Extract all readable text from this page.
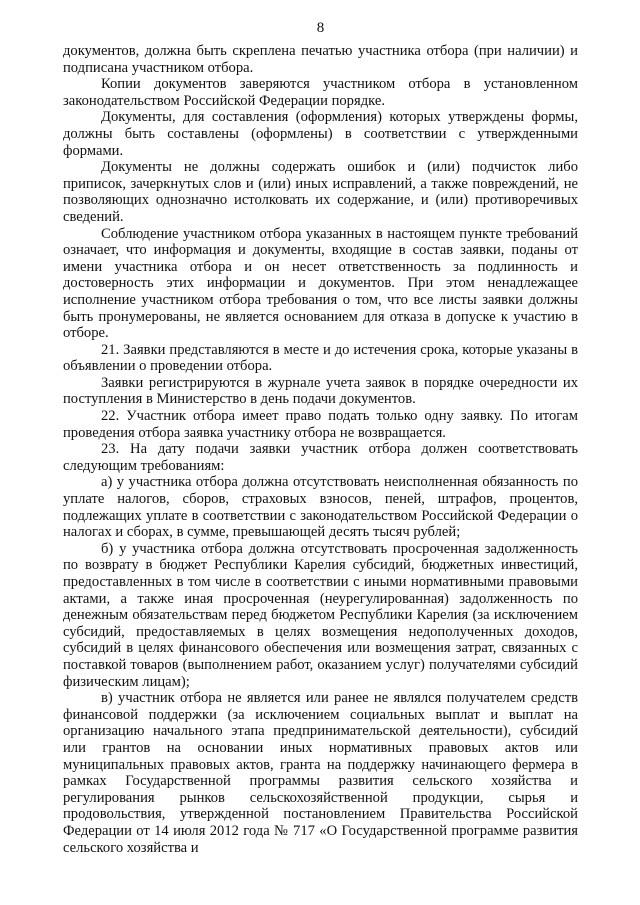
8

документов, должна быть скреплена печатью участника отбора (при наличии) и подписана участником отбора.

Копии документов заверяются участником отбора в установленном законодательством Российской Федерации порядке.

Документы, для составления (оформления) которых утверждены формы, должны быть составлены (оформлены) в соответствии с утвержденными формами.

Документы не должны содержать ошибок и (или) подчисток либо приписок, зачеркнутых слов и (или) иных исправлений, а также повреждений, не позволяющих однозначно истолковать их содержание, и (или) противоречивых сведений.

Соблюдение участником отбора указанных в настоящем пункте требований означает, что информация и документы, входящие в состав заявки, поданы от имени участника отбора и он несет ответственность за подлинность и достоверность этих информации и документов. При этом ненадлежащее исполнение участником отбора требования о том, что все листы заявки должны быть пронумерованы, не является основанием для отказа в допуске к участию в отборе.

21. Заявки представляются в месте и до истечения срока, которые указаны в объявлении о проведении отбора.

Заявки регистрируются в журнале учета заявок в порядке очередности их поступления в Министерство в день подачи документов.

22. Участник отбора имеет право подать только одну заявку. По итогам проведения отбора заявка участнику отбора не возвращается.

23. На дату подачи заявки участник отбора должен соответствовать следующим требованиям:

а) у участника отбора должна отсутствовать неисполненная обязанность по уплате налогов, сборов, страховых взносов, пеней, штрафов, процентов, подлежащих уплате в соответствии с законодательством Российской Федерации о налогах и сборах, в сумме, превышающей десять тысяч рублей;

б) у участника отбора должна отсутствовать просроченная задолженность по возврату в бюджет Республики Карелия субсидий, бюджетных инвестиций, предоставленных в том числе в соответствии с иными нормативными правовыми актами, а также иная просроченная (неурегулированная) задолженность по денежным обязательствам перед бюджетом Республики Карелия (за исключением субсидий, предоставляемых в целях возмещения недополученных доходов, субсидий в целях финансового обеспечения или возмещения затрат, связанных с поставкой товаров (выполнением работ, оказанием услуг) получателями субсидий физическим лицам);

в) участник отбора не является или ранее не являлся получателем средств финансовой поддержки (за исключением социальных выплат и выплат на организацию начального этапа предпринимательской деятельности), субсидий или грантов на основании иных нормативных правовых актов или муниципальных правовых актов, гранта на поддержку начинающего фермера в рамках Государственной программы развития сельского хозяйства и регулирования рынков сельскохозяйственной продукции, сырья и продовольствия, утвержденной постановлением Правительства Российской Федерации от 14 июля 2012 года № 717 «О Государственной программе развития сельского хозяйства и
